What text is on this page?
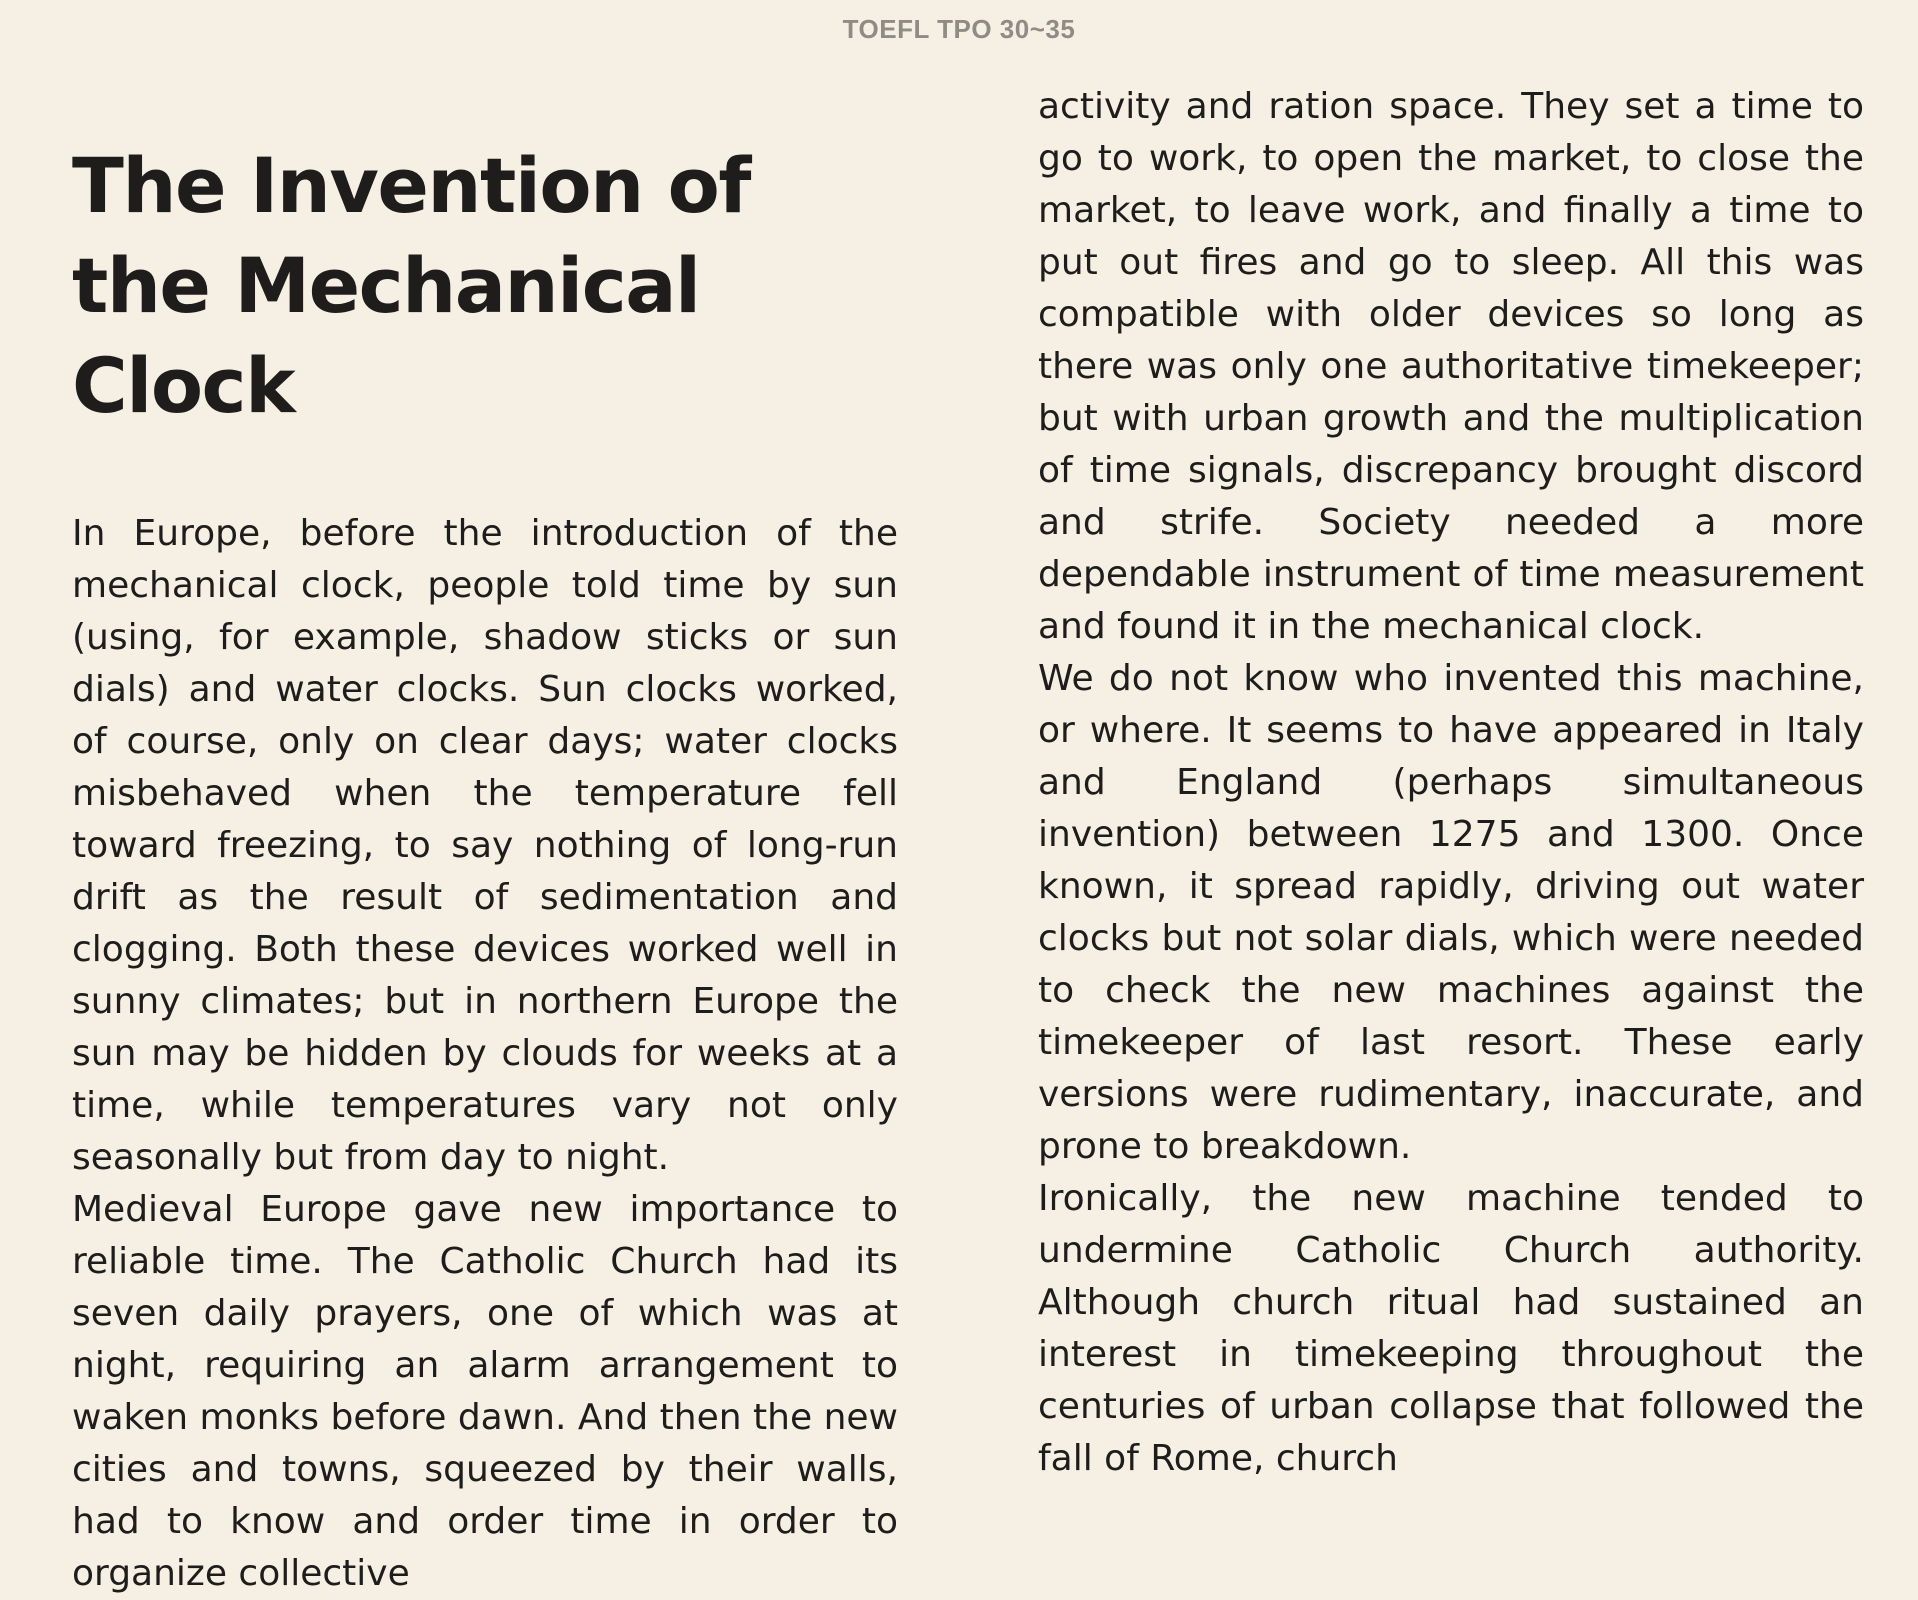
TOEFL TPO 30~35
The Invention of the Mechanical Clock

In Europe, before the introduction of the mechanical clock, people told time by sun (using, for example, shadow sticks or sun dials) and water clocks. Sun clocks worked, of course, only on clear days; water clocks misbehaved when the temperature fell toward freezing, to say nothing of long-run drift as the result of sedimentation and clogging. Both these devices worked well in sunny climates; but in northern Europe the sun may be hidden by clouds for weeks at a time, while temperatures vary not only seasonally but from day to night.

Medieval Europe gave new importance to reliable time. The Catholic Church had its seven daily prayers, one of which was at night, requiring an alarm arrangement to waken monks before dawn. And then the new cities and towns, squeezed by their walls, had to know and order time in order to organize collective

activity and ration space. They set a time to go to work, to open the market, to close the market, to leave work, and finally a time to put out fires and go to sleep. All this was compatible with older devices so long as there was only one authoritative timekeeper; but with urban growth and the multiplication of time signals, discrepancy brought discord and strife. Society needed a more dependable instrument of time measurement and found it in the mechanical clock.

We do not know who invented this machine, or where. It seems to have appeared in Italy and England (perhaps simultaneous invention) between 1275 and 1300. Once known, it spread rapidly, driving out water clocks but not solar dials, which were needed to check the new machines against the timekeeper of last resort. These early versions were rudimentary, inaccurate, and prone to breakdown.

Ironically, the new machine tended to undermine Catholic Church authority. Although church ritual had sustained an interest in timekeeping throughout the centuries of urban collapse that followed the fall of Rome, church
